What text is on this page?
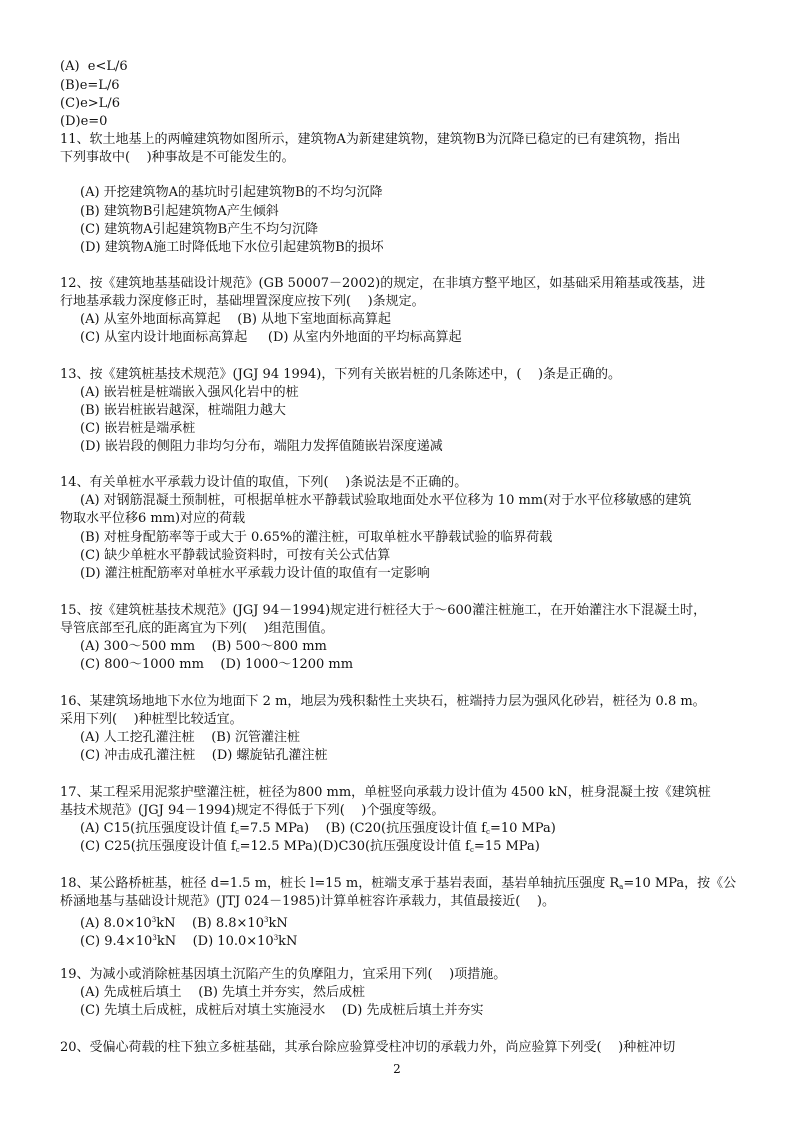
(A)  e<L/6
(B)e=L/6
(C)e>L/6
(D)e=0
11、软土地基上的两幢建筑物如图所示，建筑物A为新建建筑物，建筑物B为沉降已稳定的已有建筑物，指出
下列事故中(    )种事故是不可能发生的。
(A) 开挖建筑物A的基坑时引起建筑物B的不均匀沉降
(B) 建筑物B引起建筑物A产生倾斜
(C) 建筑物A引起建筑物B产生不均匀沉降
(D) 建筑物A施工时降低地下水位引起建筑物B的损坏
12、按《建筑地基基础设计规范》(GB 50007－2002)的规定，在非填方整平地区，如基础采用箱基或筏基，进
行地基承载力深度修正时，基础埋置深度应按下列(    )条规定。
(A) 从室外地面标高算起    (B) 从地下室地面标高算起
(C) 从室内设计地面标高算起     (D) 从室内外地面的平均标高算起
13、按《建筑桩基技术规范》(JGJ 94 1994)，下列有关嵌岩桩的几条陈述中，(    )条是正确的。
(A) 嵌岩桩是桩端嵌入强风化岩中的桩
(B) 嵌岩桩嵌岩越深，桩端阻力越大
(C) 嵌岩桩是端承桩
(D) 嵌岩段的侧阻力非均匀分布，端阻力发挥值随嵌岩深度递减
14、有关单桩水平承载力设计值的取值，下列(    )条说法是不正确的。
(A) 对钢筋混凝土预制桩，可根据单桩水平静载试验取地面处水平位移为 10 mm(对于水平位移敏感的建筑
物取水平位移6 mm)对应的荷载
(B) 对桩身配筋率等于或大于 0.65%的灌注桩，可取单桩水平静载试验的临界荷载
(C) 缺少单桩水平静载试验资料时，可按有关公式估算
(D) 灌注桩配筋率对单桩水平承载力设计值的取值有一定影响
15、按《建筑桩基技术规范》(JGJ 94－1994)规定进行桩径大于～600灌注桩施工，在开始灌注水下混凝土时，
导管底部至孔底的距离宜为下列(    )组范围值。
(A) 300～500 mm    (B) 500～800 mm
(C) 800～1000 mm    (D) 1000～1200 mm
16、某建筑场地地下水位为地面下 2 m，地层为残积黏性土夹块石，桩端持力层为强风化砂岩，桩径为 0.8 m。
采用下列(    )种桩型比较适宜。
(A) 人工挖孔灌注桩    (B) 沉管灌注桩
(C) 冲击成孔灌注桩    (D) 螺旋钻孔灌注桩
17、某工程采用泥浆护壁灌注桩，桩径为800 mm，单桩竖向承载力设计值为 4500 kN，桩身混凝土按《建筑桩
基技术规范》(JGJ 94－1994)规定不得低于下列(    )个强度等级。
(A) C15(抗压强度设计值 $f_c=7.5$ MPa)    (B) (C20(抗压强度设计值 $f_c=10$ MPa)
(C) C25(抗压强度设计值 $f_c=12.5$ MPa)(D)C30(抗压强度设计值 $f_c=15$ MPa)
18、某公路桥桩基，桩径 d=1.5 m，桩长 l=15 m，桩端支承于基岩表面，基岩单轴抗压强度 $R_a=10$ MPa，按《公
桥涵地基与基础设计规范》(JTJ 024－1985)计算单桩容许承载力，其值最接近(    )。
(A) $8.0\times 10^3kN$    (B) $8.8\times 10^3kN$
(C) $9.4\times 10^3kN$    (D) $10.0\times 10^3kN$
19、为减小或消除桩基因填土沉陷产生的负摩阻力，宜采用下列(    )项措施。
(A) 先成桩后填土    (B) 先填土并夯实，然后成桩
(C) 先填土后成桩，成桩后对填土实施浸水    (D) 先成桩后填土并夯实
20、受偏心荷载的柱下独立多桩基础，其承台除应验算受柱冲切的承载力外，尚应验算下列受(    )种桩冲切
2
